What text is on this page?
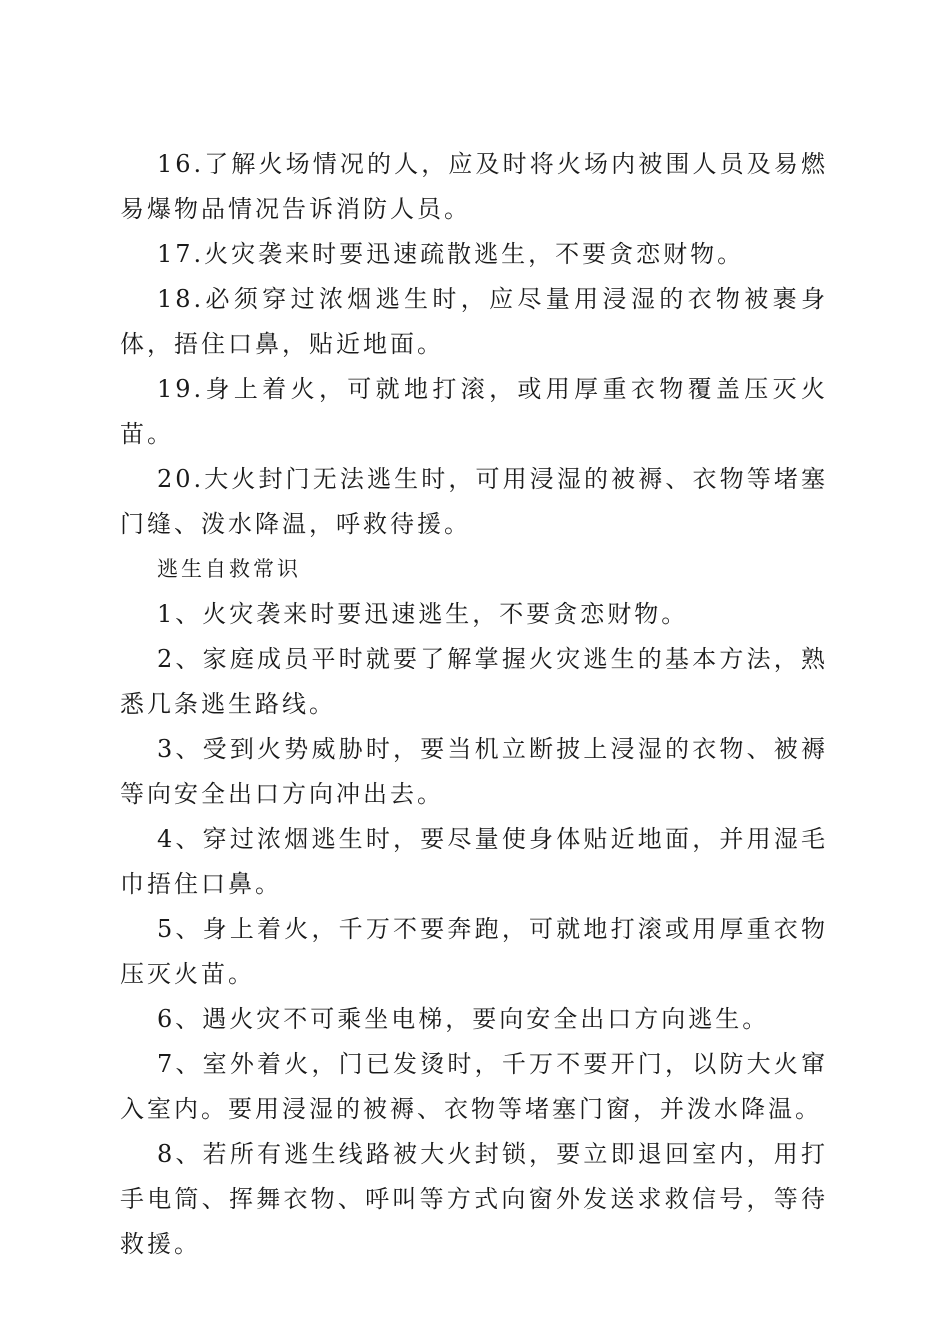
16.了解火场情况的人，应及时将火场内被围人员及易燃易爆物品情况告诉消防人员。

17.火灾袭来时要迅速疏散逃生，不要贪恋财物。

18.必须穿过浓烟逃生时，应尽量用浸湿的衣物被裹身体，捂住口鼻，贴近地面。

19.身上着火，可就地打滚，或用厚重衣物覆盖压灭火苗。

20.大火封门无法逃生时，可用浸湿的被褥、衣物等堵塞门缝、泼水降温，呼救待援。

逃生自救常识

1、火灾袭来时要迅速逃生，不要贪恋财物。

2、家庭成员平时就要了解掌握火灾逃生的基本方法，熟悉几条逃生路线。

3、受到火势威胁时，要当机立断披上浸湿的衣物、被褥等向安全出口方向冲出去。

4、穿过浓烟逃生时，要尽量使身体贴近地面，并用湿毛巾捂住口鼻。

5、身上着火，千万不要奔跑，可就地打滚或用厚重衣物压灭火苗。

6、遇火灾不可乘坐电梯，要向安全出口方向逃生。

7、室外着火，门已发烫时，千万不要开门，以防大火窜入室内。要用浸湿的被褥、衣物等堵塞门窗，并泼水降温。

8、若所有逃生线路被大火封锁，要立即退回室内，用打手电筒、挥舞衣物、呼叫等方式向窗外发送求救信号，等待救援。
